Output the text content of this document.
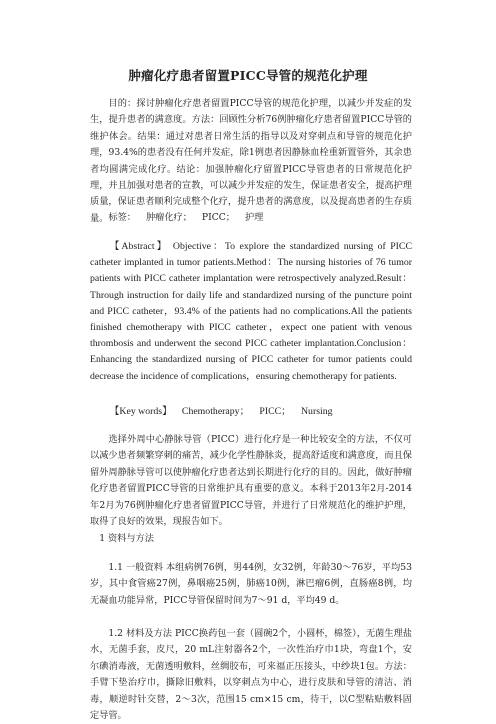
肿瘤化疗患者留置PICC导管的规范化护理
目的：探讨肿瘤化疗患者留置PICC导管的规范化护理，以减少并发症的发生，提升患者的满意度。方法：回顾性分析76例肿瘤化疗患者留置PICC导管的维护体会。结果：通过对患者日常生活的指导以及对穿刺点和导管的规范化护理，93.4%的患者没有任何并发症，除1例患者因静脉血栓重新置管外，其余患者均圆满完成化疗。结论：加强肿瘤化疗留置PICC导管患者的日常规范化护理，并且加强对患者的宣教，可以减少并发症的发生，保证患者安全，提高护理质量，保证患者顺利完成整个化疗，提升患者的满意度，以及提高患者的生存质量。 标签： 肿瘤化疗； PICC； 护理
【Abstract】 Objective：To explore the standardized nursing of PICC catheter implanted in tumor patients.Method：The nursing histories of 76 tumor patients with PICC catheter implantation were retrospectively analyzed.Result：Through instruction for daily life and standardized nursing of the puncture point and PICC catheter，93.4% of the patients had no complications.All the patients finished chemotherapy with PICC catheter，expect one patient with venous thrombosis and underwent the second PICC catheter implantation.Conclusion：Enhancing the standardized nursing of PICC catheter for tumor patients could decrease the incidence of complications，ensuring chemotherapy for patients.
【Key words】 Chemotherapy； PICC； Nursing
选择外周中心静脉导管（PICC）进行化疗是一种比较安全的方法，不仅可以减少患者频繁穿刺的痛苦，减少化学性静脉炎，提高舒适度和满意度，而且保留外周静脉导管可以使肿瘤化疗患者达到长期进行化疗的目的。因此，做好肿瘤化疗患者留置PICC导管的日常维护具有重要的意义。本科于2013年2月-2014年2月为76例肿瘤化疗患者留置PICC导管，并进行了日常规范化的维护护理，取得了良好的效果，现报告如下。
1 资料与方法
1.1 一般资料 本组病例76例，男44例，女32例，年龄30～76岁，平均53岁，其中食管癌27例，鼻咽癌25例，肺癌10例，淋巴瘤6例，直肠癌8例，均无凝血功能异常，PICC导管保留时间为7～91 d，平均49 d。
1.2 材料及方法 PICC换药包一套（圆碗2个，小圆杯，棉签），无菌生理盐水，无菌手套，皮尺，20 mL注射器各2个，一次性治疗巾1块，弯盘1个，安尔碘消毒液，无菌透明敷料，丝绸胶布，可来福正压接头，中纱块1包。方法：手臂下垫治疗巾，撕除旧敷料，以穿刺点为中心，进行皮肤和导管的清洁、消毒，顺逆时针交替，2～3次，范围15 cm×15 cm，待干，以C型粘贴敷料固定导管。
